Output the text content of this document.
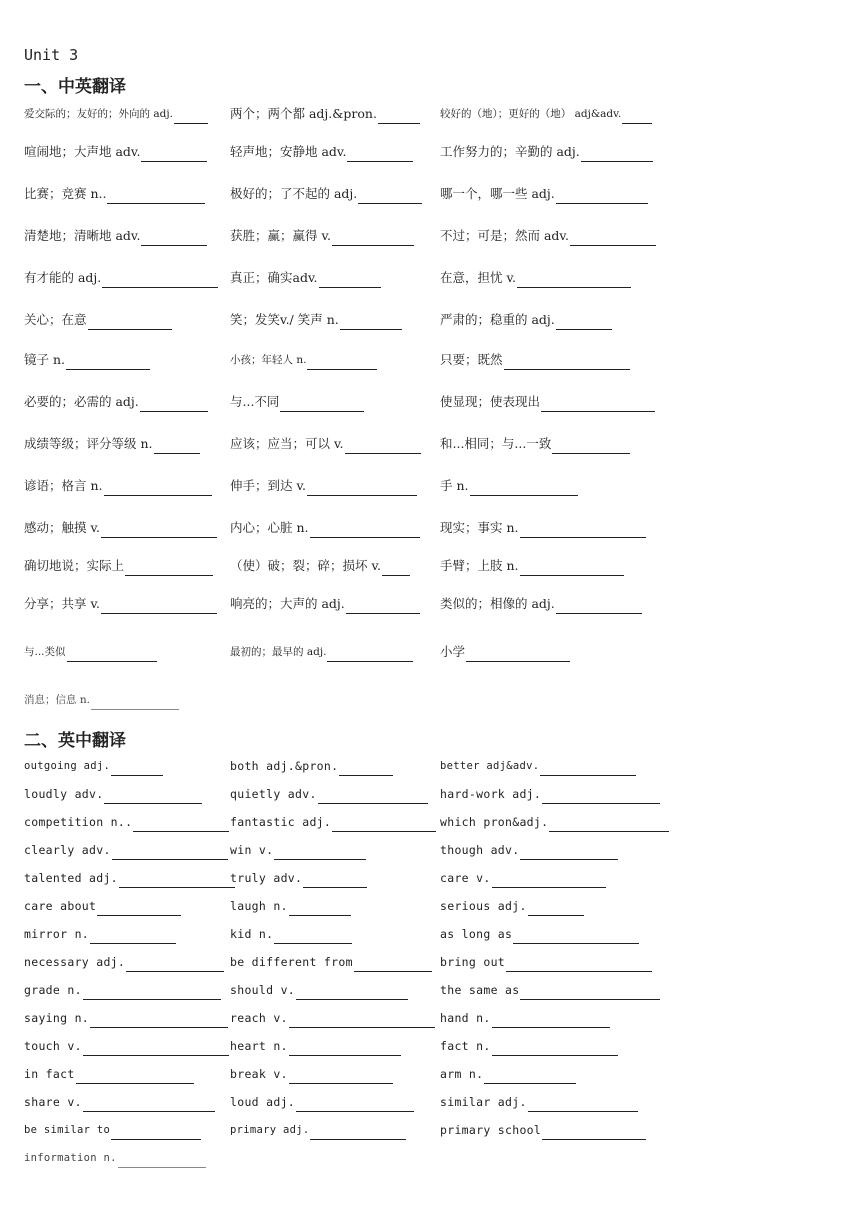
Unit 3
一、中英翻译
爱交际的；友好的；外向的 adj.	两个；两个都 adj.&pron.	较好的（地）；更好的（地） adj&adv.
喧闹地；大声地 adv.	轻声地；安静地 adv.	工作努力的；辛勤的 adj.
比赛；竞赛 n..	极好的；了不起的 adj.	哪一个，哪一些 adj.
清楚地；清晰地 adv.	获胜；赢；赢得 v.	不过；可是；然而 adv.
有才能的 adj.	真正；确实adv.	在意，担忧 v.
关心；在意	笑；发笑v./ 笑声 n.	严肃的；稳重的 adj.
镜子 n.	小孩；年轻人 n.	只要；既然
必要的；必需的 adj.	与...不同	使显现；使表现出
成绩等级；评分等级 n.	应该；应当；可以 v.	和...相同；与...一致
谚语；格言 n.	伸手；到达 v.	手 n.
感动；触摸 v.	内心；心脏 n.	现实；事实 n.
确切地说；实际上	（使）破；裂；碎；损坏 v.	手臂；上肢 n.
分享；共享 v.	响亮的；大声的 adj.	类似的；相像的 adj.
与...类似	最初的；最早的 adj.	小学
消息；信息 n.
二、英中翻译
outgoing adj.	both adj.&pron.	better adj&adv.
loudly adv.	quietly adv.	hard-work adj.
competition n..	fantastic adj.	which pron&adj.
clearly adv.	win v.	though adv.
talented adj.	truly adv.	care v.
care about	laugh n.	serious adj.
mirror n.	kid n.	as long as
necessary adj.	be different from	bring out
grade n.	should v.	the same as
saying n.	reach v.	hand n.
touch v.	heart n.	fact n.
in fact	break v.	arm n.
share v.	loud adj.	similar adj.
be similar to	primary adj.	primary school
information n.
